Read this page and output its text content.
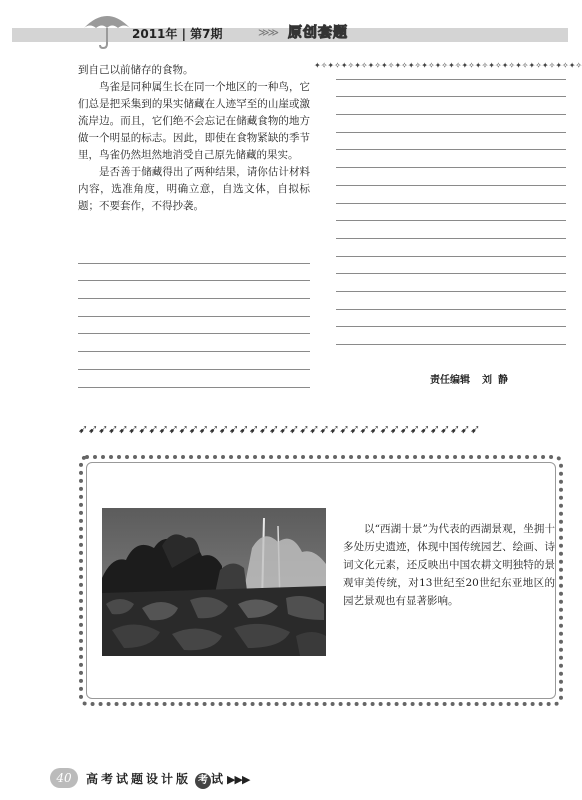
2011年 | 第7期	≫≫ 原创套题

到自己以前储存的食物。

鸟雀是同种属生长在同一个地区的一种鸟，它们总是把采集到的果实储藏在人迹罕至的山崖或激流岸边。而且，它们绝不会忘记在储藏食物的地方做一个明显的标志。因此，即使在食物紧缺的季节里，鸟雀仍然坦然地消受自己原先储藏的果实。

是否善于储藏得出了两种结果，请你估计材料内容，选准角度，明确立意，自选文体，自拟标题；不要套作，不得抄袭。

✦✧✦✧✦✧✦✧✦✧✦✧✦✧✦✧✦✧✦✧✦✧✦✧✦✧✦✧✦✧✦✧✦✧✦✧✦✧✦✧
责任编辑 刘静
➹➹➹➹➹➹➹➹➹➹➹➹➹➹➹➹➹➹➹➹➹➹➹➹➹➹➹➹➹➹➹➹➹➹➹➹➹➹➹➹

以“西湖十景”为代表的西湖景观，坐拥十多处历史遗迹，体现中国传统园艺、绘画、诗词文化元素，还反映出中国农耕文明独特的景观审美传统，对13世纪至20世纪东亚地区的园艺景观也有显著影响。

40	高考试题设计版 考 试 ▶▶▶
